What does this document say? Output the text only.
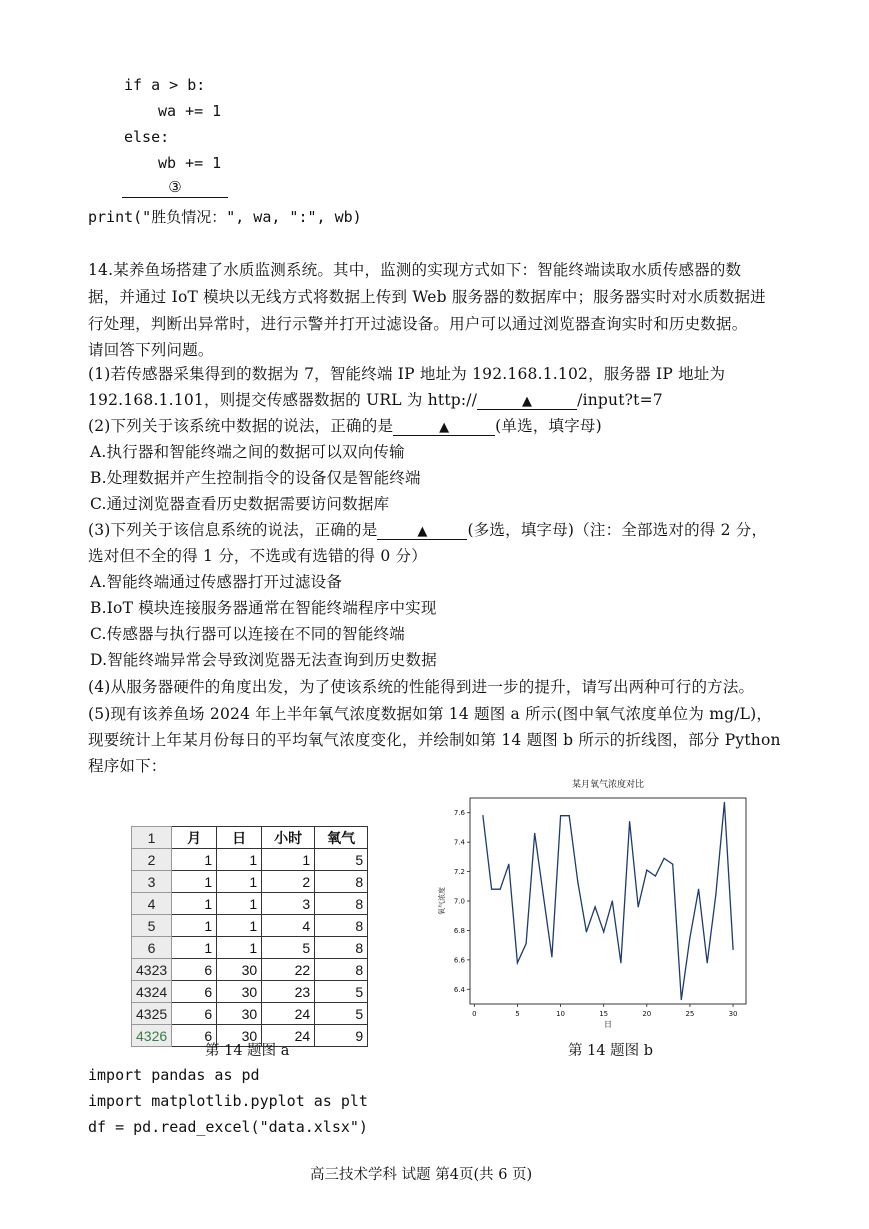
if a > b:
wa += 1
else:
wb += 1
③
print("胜负情况：", wa, ":", wb)
14.某养鱼场搭建了水质监测系统。其中，监测的实现方式如下：智能终端读取水质传感器的数
据，并通过 IoT 模块以无线方式将数据上传到 Web 服务器的数据库中；服务器实时对水质数据进
行处理，判断出异常时，进行示警并打开过滤设备。用户可以通过浏览器查询实时和历史数据。
请回答下列问题。
(1)若传感器采集得到的数据为 7，智能终端 IP 地址为 192.168.1.102，服务器 IP 地址为
192.168.1.101，则提交传感器数据的 URL 为 http://	▲	/input?t=7
(2)下列关于该系统中数据的说法，正确的是	▲	(单选，填字母)
A.执行器和智能终端之间的数据可以双向传输
B.处理数据并产生控制指令的设备仅是智能终端
C.通过浏览器查看历史数据需要访问数据库
(3)下列关于该信息系统的说法，正确的是	▲	(多选，填字母)（注：全部选对的得 2 分，
选对但不全的得 1 分，不选或有选错的得 0 分）
A.智能终端通过传感器打开过滤设备
B.IoT 模块连接服务器通常在智能终端程序中实现
C.传感器与执行器可以连接在不同的智能终端
D.智能终端异常会导致浏览器无法查询到历史数据
(4)从服务器硬件的角度出发，为了使该系统的性能得到进一步的提升，请写出两种可行的方法。
(5)现有该养鱼场 2024 年上半年氧气浓度数据如第 14 题图 a 所示(图中氧气浓度单位为 mg/L)，
现要统计上年某月份每日的平均氧气浓度变化，并绘制如第 14 题图 b 所示的折线图，部分 Python
程序如下：
1	月	日	小时	氧气
2	1	1	1	5
3	1	1	2	8
4	1	1	3	8
5	1	1	4	8
6	1	1	5	8
4323	6	30	22	8
4324	6	30	23	5
4325	6	30	24	5
4326	6	30	24	9
第 14 题图 a
某月氧气浓度对比
0	5	10	15	20	25	30
6.4
6.6
6.8
7.0
7.2
7.4
7.6
日
氧气浓度
第 14 题图 b
import pandas as pd
import matplotlib.pyplot as plt
df = pd.read_excel("data.xlsx")
高三技术学科 试题 第4页(共 6 页)
